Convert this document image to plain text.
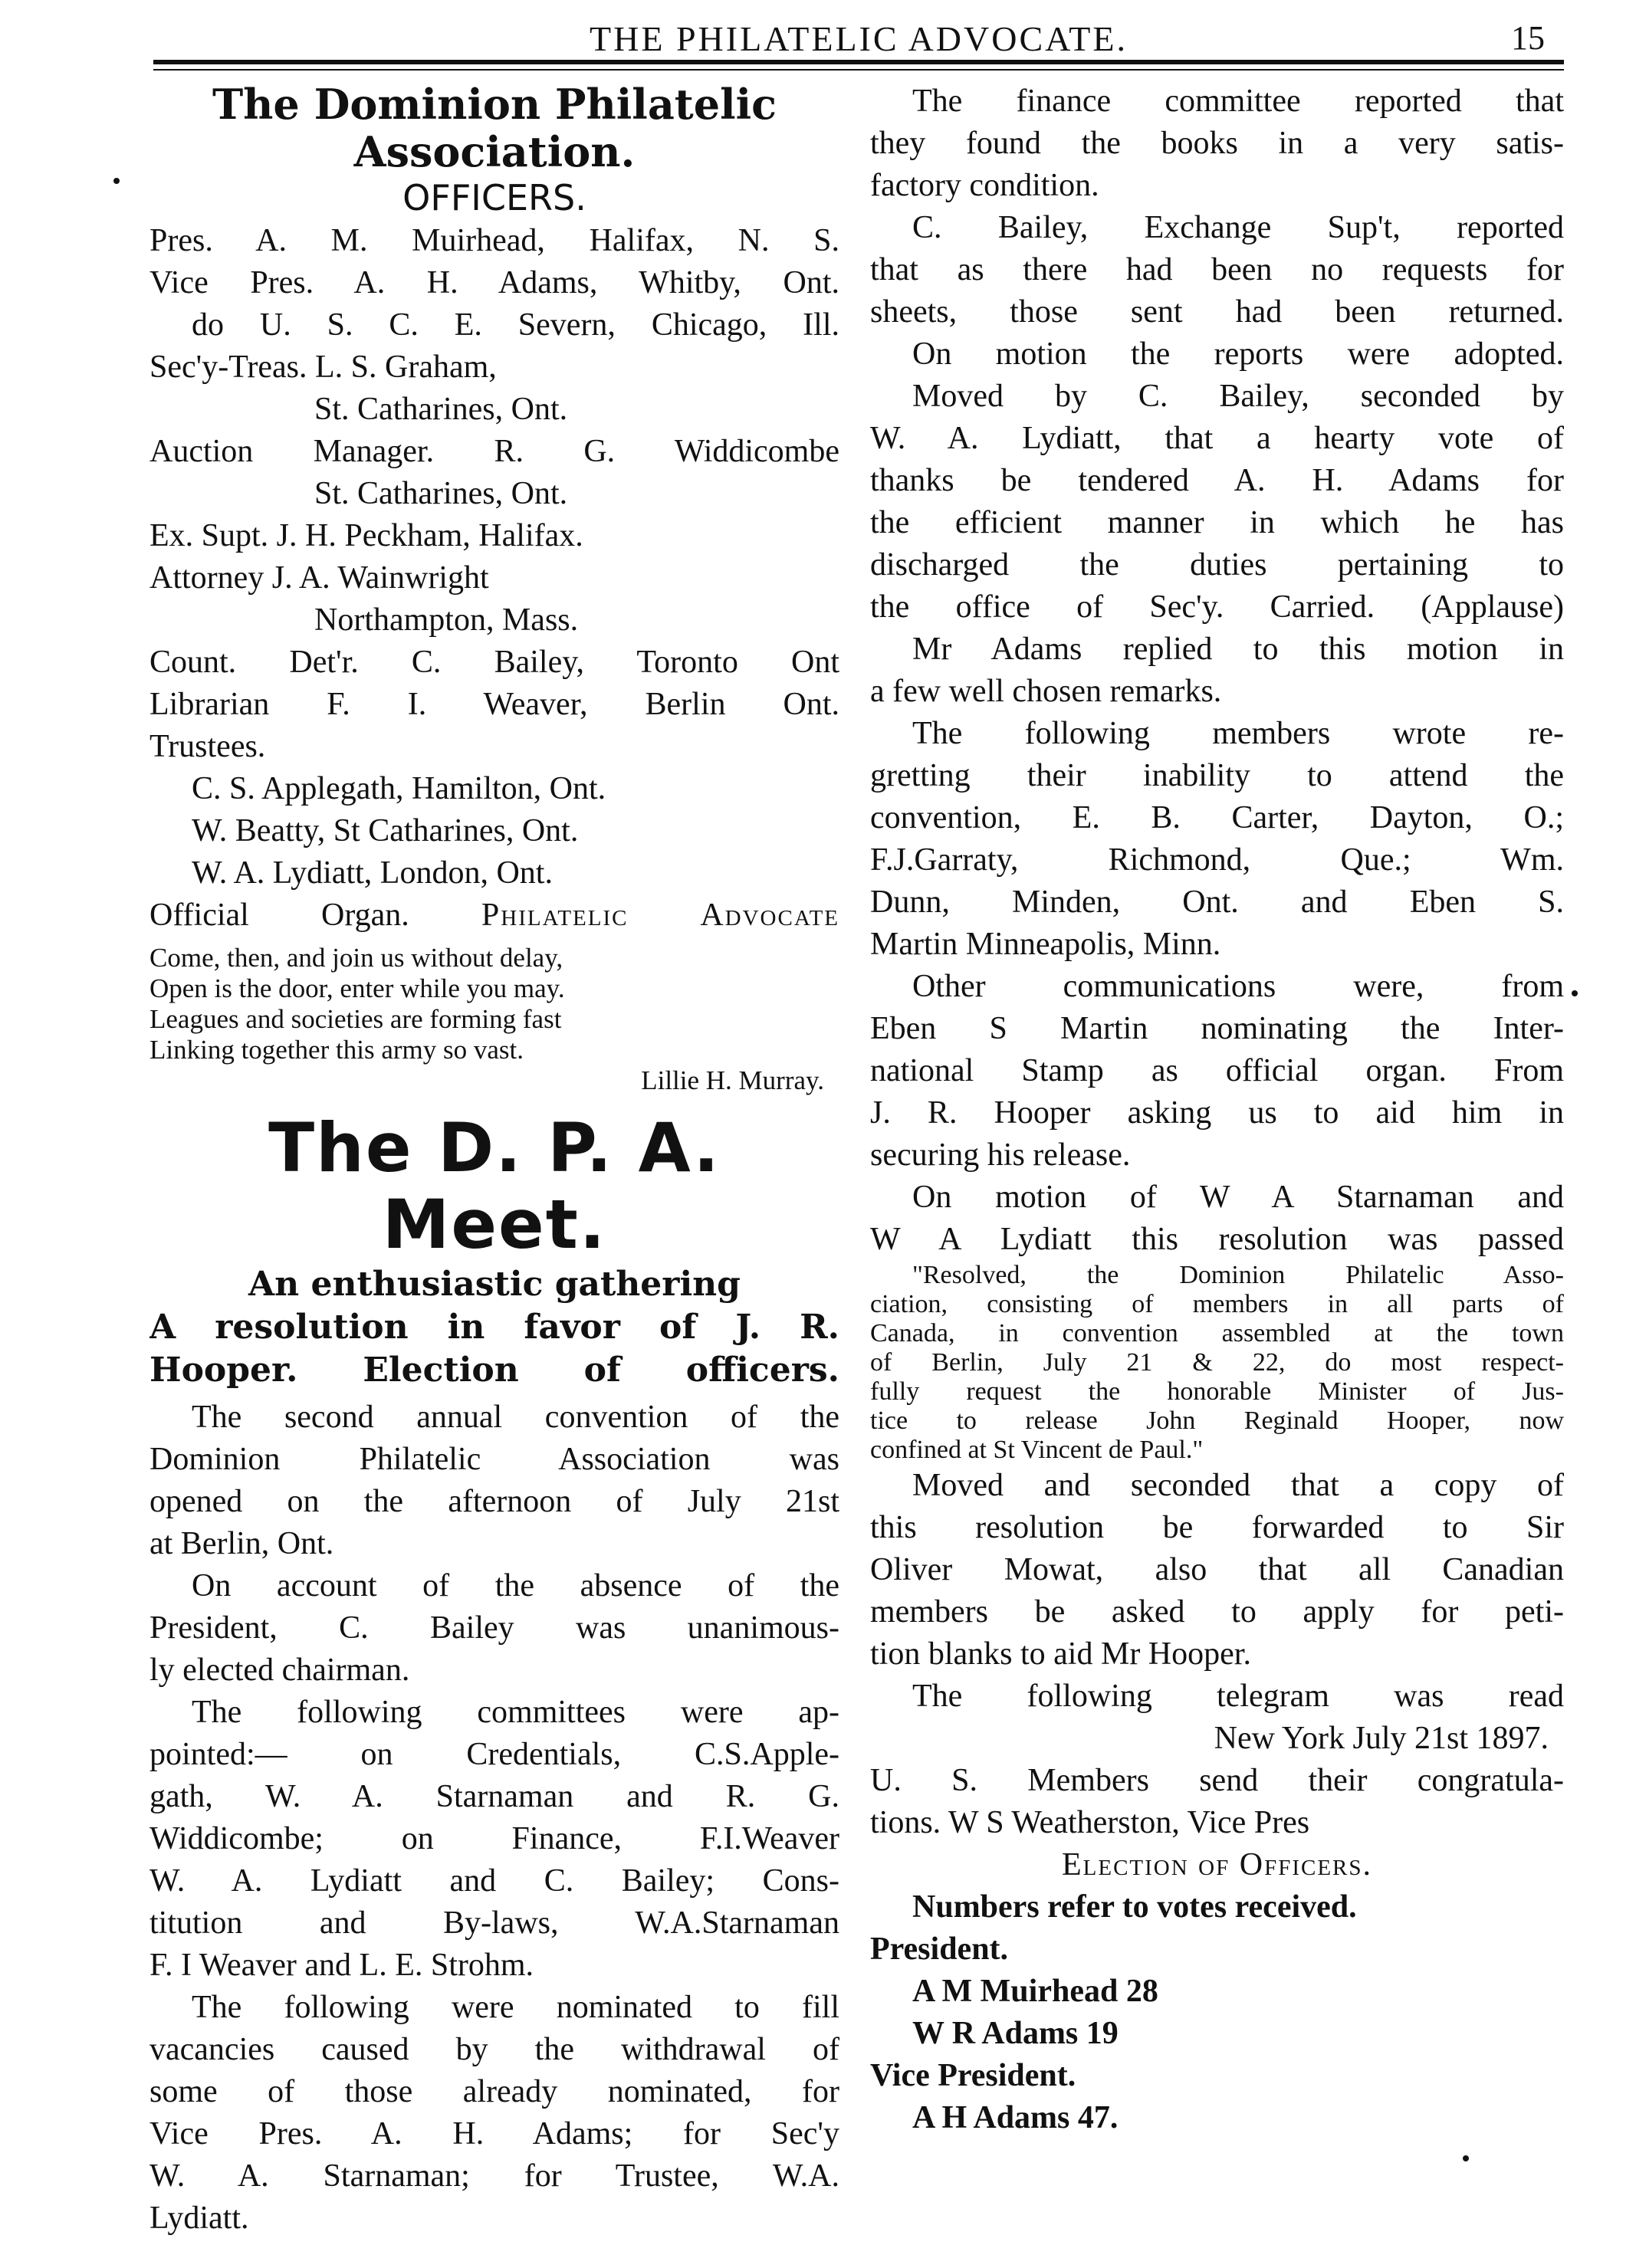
THE PHILATELIC ADVOCATE.	15
The Dominion Philatelic
Association.
OFFICERS.
Pres. A. M. Muirhead, Halifax, N. S.
Vice Pres. A. H. Adams, Whitby, Ont.
do U. S. C. E. Severn, Chicago, Ill.
Sec'y-Treas. L. S. Graham,
St. Catharines, Ont.
Auction Manager. R. G. Widdicombe
St. Catharines, Ont.
Ex. Supt. J. H. Peckham, Halifax.
Attorney J. A. Wainwright
Northampton, Mass.
Count. Det'r. C. Bailey, Toronto Ont
Librarian F. I. Weaver, Berlin Ont.
Trustees.
C. S. Applegath, Hamilton, Ont.
W. Beatty, St Catharines, Ont.
W. A. Lydiatt, London, Ont.
Official Organ. Philatelic Advocate
Come, then, and join us without delay,
Open is the door, enter while you may.
Leagues and societies are forming fast
Linking together this army so vast.
Lillie H. Murray.
The D. P. A. Meet.
An enthusiastic gathering
A resolution in favor of J. R.
Hooper. Election of officers.
The second annual convention of the
Dominion Philatelic Association was
opened on the afternoon of July 21st
at Berlin, Ont.
On account of the absence of the
President, C. Bailey was unanimous-
ly elected chairman.
The following committees were ap-
pointed:— on Credentials, C.S.Apple-
gath, W. A. Starnaman and R. G.
Widdicombe; on Finance, F.I.Weaver
W. A. Lydiatt and C. Bailey; Cons-
titution and By-laws, W.A.Starnaman
F. I Weaver and L. E. Strohm.
The following were nominated to fill
vacancies caused by the withdrawal of
some of those already nominated, for
Vice Pres. A. H. Adams; for Sec'y
W. A. Starnaman; for Trustee, W.A.
Lydiatt.
The finance committee reported that
they found the books in a very satis-
factory condition.
C. Bailey, Exchange Sup't, reported
that as there had been no requests for
sheets, those sent had been returned.
On motion the reports were adopted.
Moved by C. Bailey, seconded by
W. A. Lydiatt, that a hearty vote of
thanks be tendered A. H. Adams for
the efficient manner in which he has
discharged the duties pertaining to
the office of Sec'y. Carried. (Applause)
Mr Adams replied to this motion in
a few well chosen remarks.
The following members wrote re-
gretting their inability to attend the
convention, E. B. Carter, Dayton, O.;
F.J.Garraty, Richmond, Que.; Wm.
Dunn, Minden, Ont. and Eben S.
Martin Minneapolis, Minn.
Other communications were, from
Eben S Martin nominating the Inter-
national Stamp as official organ. From
J. R. Hooper asking us to aid him in
securing his release.
On motion of W A Starnaman and
W A Lydiatt this resolution was passed
"Resolved, the Dominion Philatelic Asso-
ciation, consisting of members in all parts of
Canada, in convention assembled at the town
of Berlin, July 21 & 22, do most respect-
fully request the honorable Minister of Jus-
tice to release John Reginald Hooper, now
confined at St Vincent de Paul."
Moved and seconded that a copy of
this resolution be forwarded to Sir
Oliver Mowat, also that all Canadian
members be asked to apply for peti-
tion blanks to aid Mr Hooper.
The following telegram was read
New York July 21st 1897.
U. S. Members send their congratula-
tions. W S Weatherston, Vice Pres
Election of Officers.
Numbers refer to votes received.
President.
A M Muirhead 28
W R Adams 19
Vice President.
A H Adams 47.
